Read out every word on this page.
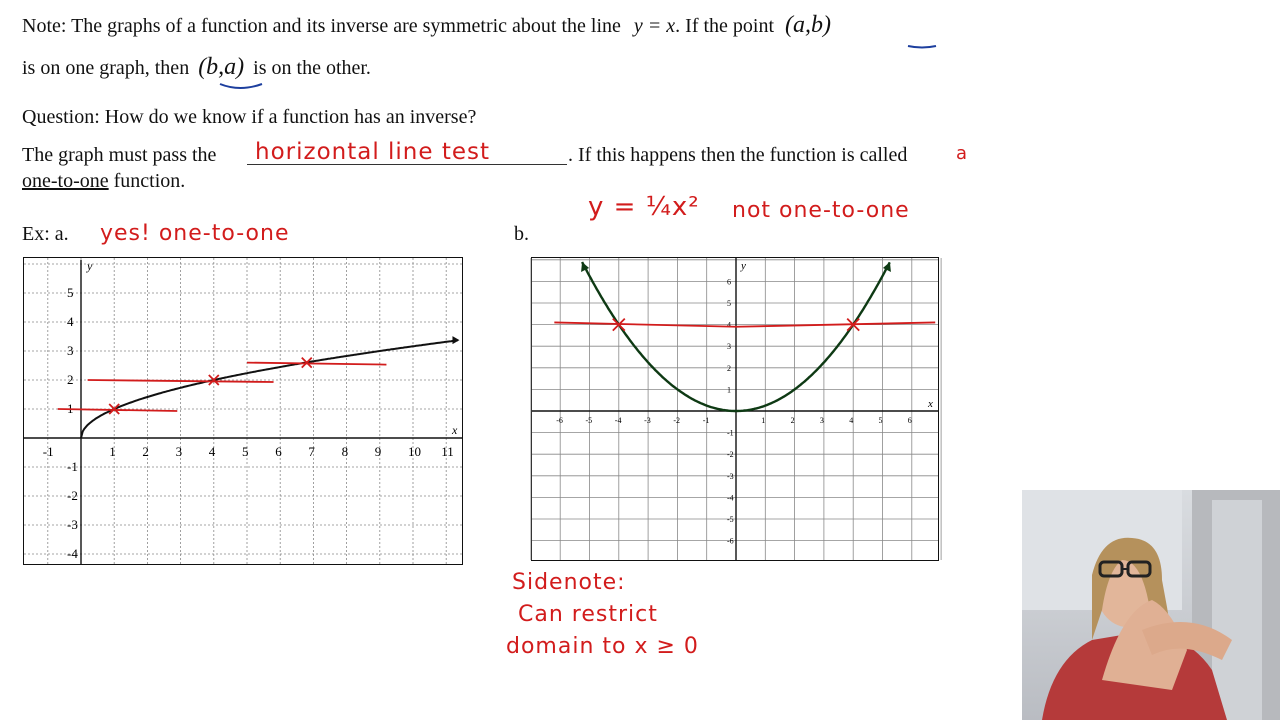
Note: The graphs of a function and its inverse are symmetric about the line y = x. If the point (a,b)
is on one graph, then (b,a) is on the other.
Question: How do we know if a function has an inverse?
The graph must pass the horizontal line test	. If this happens then the function is called	a
one-to-one function.
Ex: a. yes! one-to-one	b.
y = ¼x² not one-to-one
Sidenote:
Can restrict
domain to x ≥ 0
x
y
-1	1 2 3 4 5 6 7 8 9 10 11
5
4
3
2
-1
-2
-3
-4
x
y
-6	-5	-4	-3	-2	-1	1	2	3	4	5	6
6
5
4
3
2
1
-1
-2
-3
-4
-5
-6
